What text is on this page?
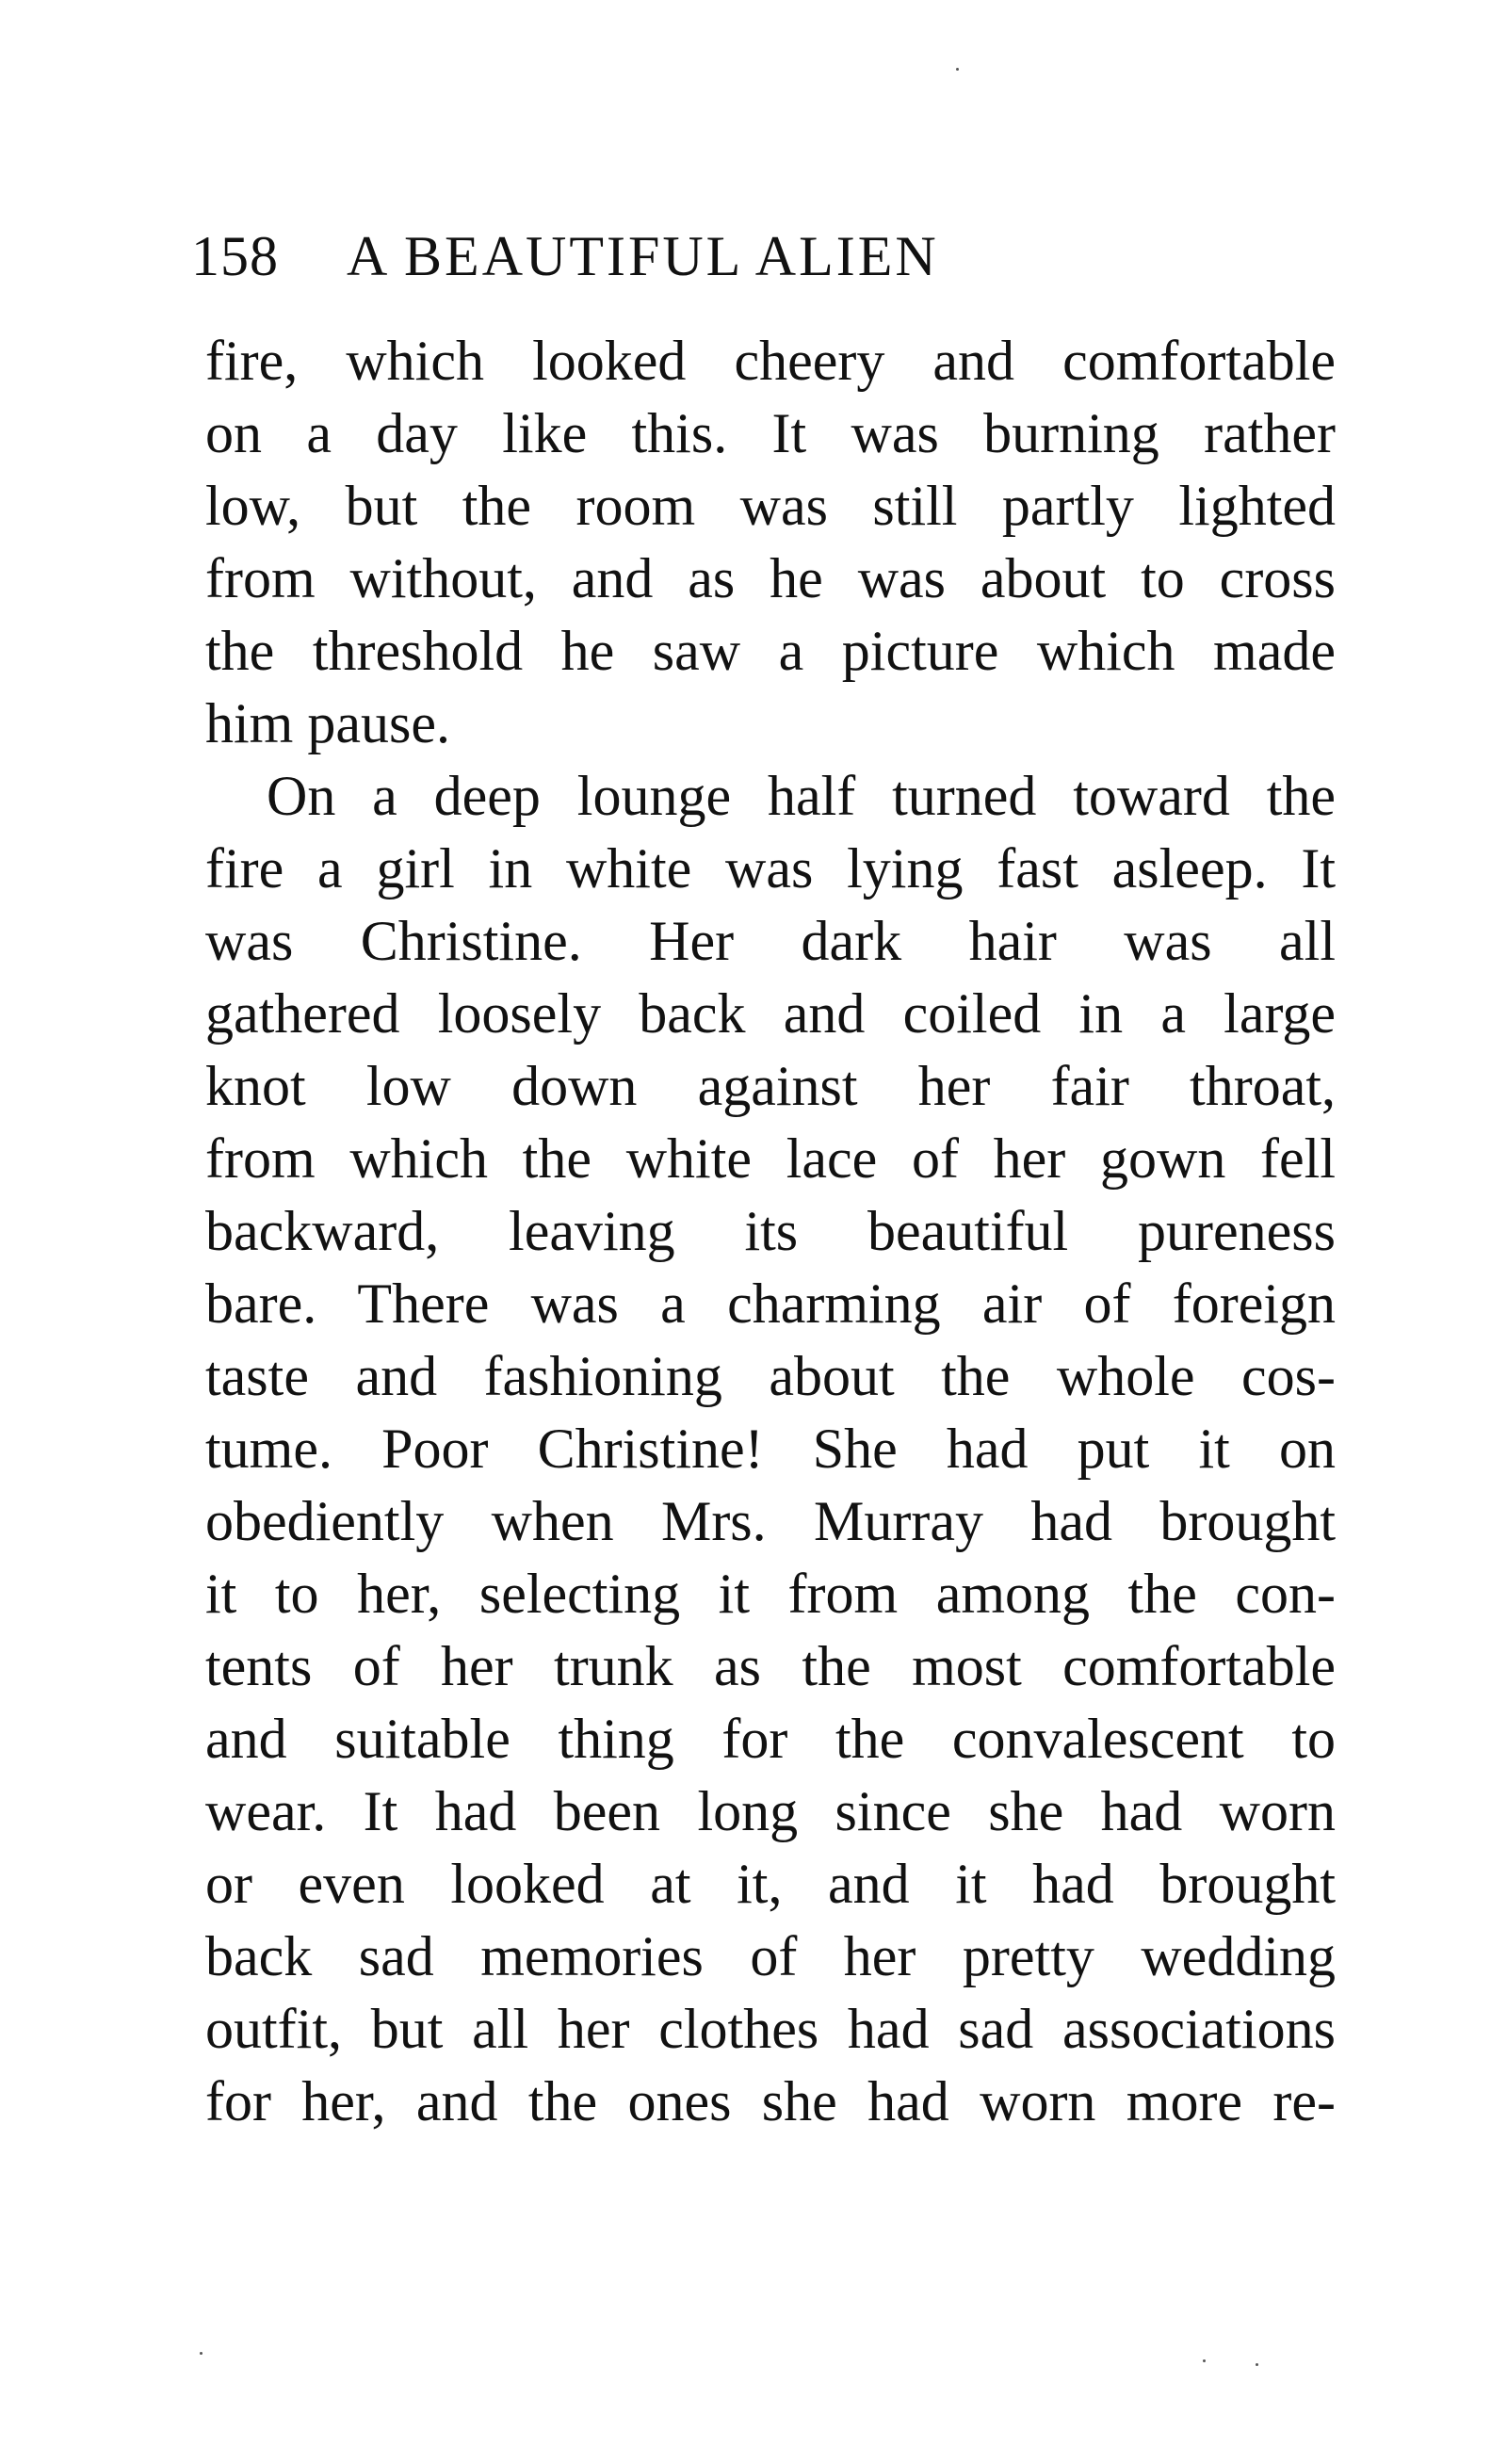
158 A BEAUTIFUL ALIEN
fire, which looked cheery and comfortable
on a day like this. It was burning rather
low, but the room was still partly lighted
from without, and as he was about to cross
the threshold he saw a picture which made
him pause.
On a deep lounge half turned toward the
fire a girl in white was lying fast asleep. It
was Christine. Her dark hair was all
gathered loosely back and coiled in a large
knot low down against her fair throat,
from which the white lace of her gown fell
backward, leaving its beautiful pureness
bare. There was a charming air of foreign
taste and fashioning about the whole cos-
tume. Poor Christine! She had put it on
obediently when Mrs. Murray had brought
it to her, selecting it from among the con-
tents of her trunk as the most comfortable
and suitable thing for the convalescent to
wear. It had been long since she had worn
or even looked at it, and it had brought
back sad memories of her pretty wedding
outfit, but all her clothes had sad associations
for her, and the ones she had worn more re-
